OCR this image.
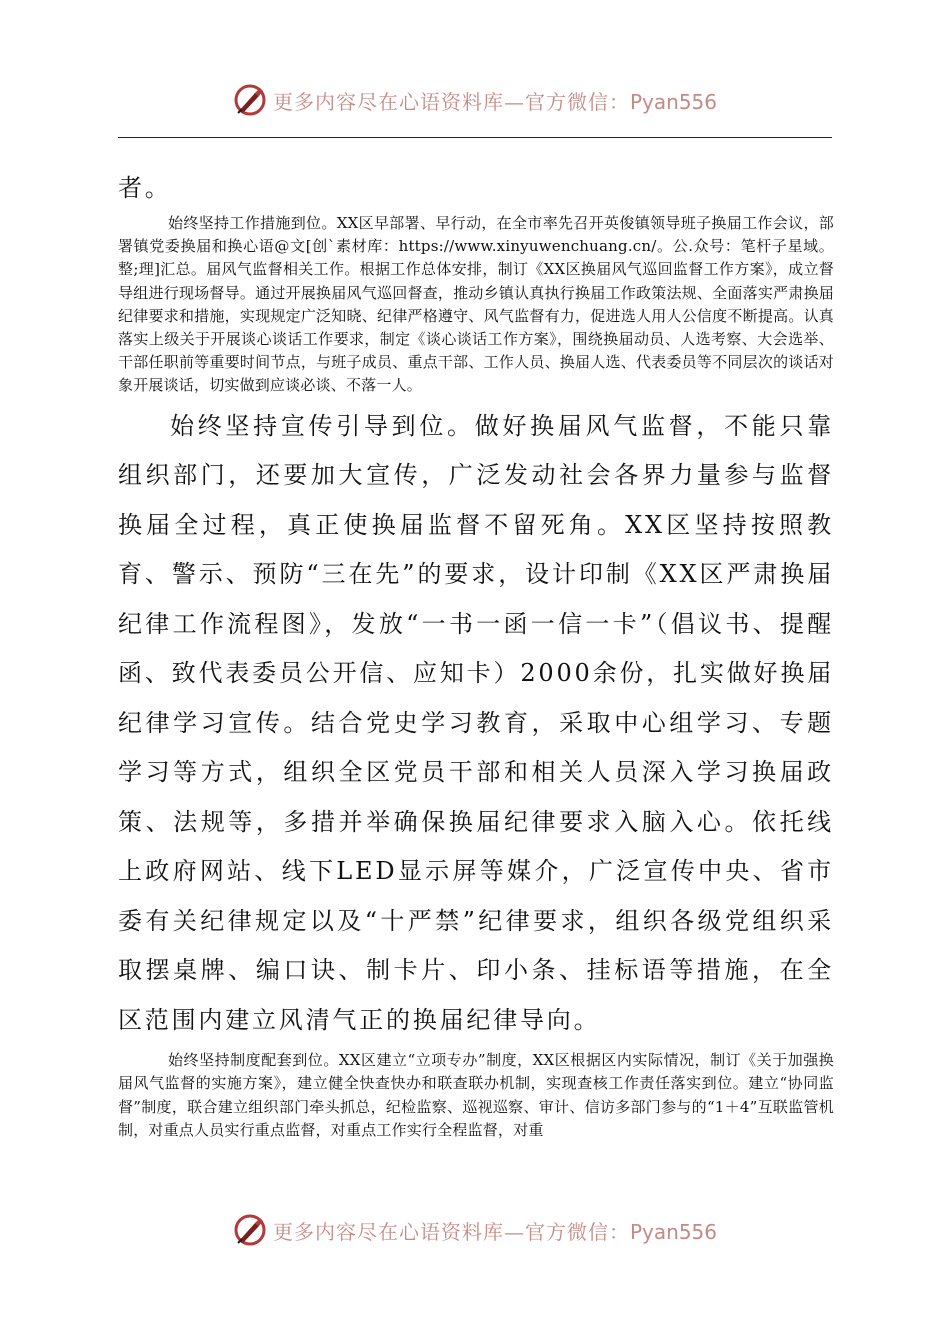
更多内容尽在心语资料库—官方微信：Pyan556

者。

始终坚持工作措施到位。XX区早部署、早行动，在全市率先召开英俊镇领导班子换届工作会议，部署镇党委换届和换心语@文[创`素材库：https://www.xinyuwenchuang.cn/。公.众号：笔杆子星域。整;理]汇总。届风气监督相关工作。根据工作总体安排，制订《XX区换届风气巡回监督工作方案》，成立督导组进行现场督导。通过开展换届风气巡回督查，推动乡镇认真执行换届工作政策法规、全面落实严肃换届纪律要求和措施，实现规定广泛知晓、纪律严格遵守、风气监督有力，促进选人用人公信度不断提高。认真落实上级关于开展谈心谈话工作要求，制定《谈心谈话工作方案》，围绕换届动员、人选考察、大会选举、干部任职前等重要时间节点，与班子成员、重点干部、工作人员、换届人选、代表委员等不同层次的谈话对象开展谈话，切实做到应谈必谈、不落一人。

始终坚持宣传引导到位。做好换届风气监督，不能只靠组织部门，还要加大宣传，广泛发动社会各界力量参与监督换届全过程，真正使换届监督不留死角。XX区坚持按照教育、警示、预防“三在先”的要求，设计印制《XX区严肃换届纪律工作流程图》，发放“一书一函一信一卡”（倡议书、提醒函、致代表委员公开信、应知卡）2000余份，扎实做好换届纪律学习宣传。结合党史学习教育，采取中心组学习、专题学习等方式，组织全区党员干部和相关人员深入学习换届政策、法规等，多措并举确保换届纪律要求入脑入心。依托线上政府网站、线下LED显示屏等媒介，广泛宣传中央、省市委有关纪律规定以及“十严禁”纪律要求，组织各级党组织采取摆桌牌、编口诀、制卡片、印小条、挂标语等措施，在全区范围内建立风清气正的换届纪律导向。

始终坚持制度配套到位。XX区建立“立项专办”制度，XX区根据区内实际情况，制订《关于加强换届风气监督的实施方案》，建立健全快查快办和联查联办机制，实现查核工作责任落实到位。建立“协同监督”制度，联合建立组织部门牵头抓总，纪检监察、巡视巡察、审计、信访多部门参与的“1＋4”互联监管机制，对重点人员实行重点监督，对重点工作实行全程监督，对重

更多内容尽在心语资料库—官方微信：Pyan556
